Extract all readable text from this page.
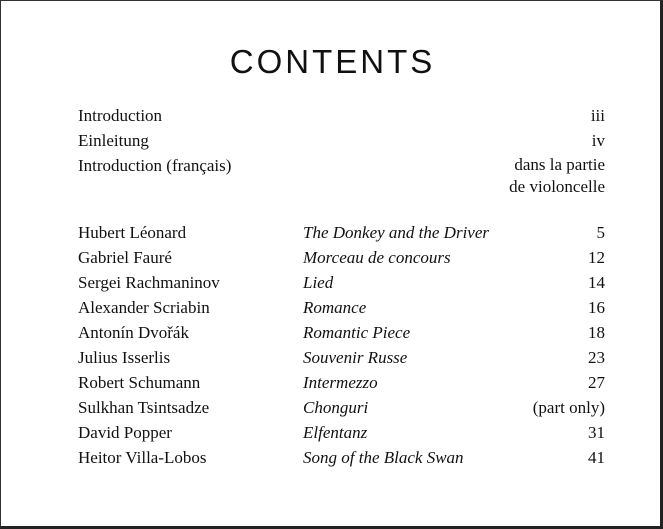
CONTENTS
Introduction	iii
Einleitung	iv
Introduction (français)	dans la partie
de violoncelle
Hubert Léonard	The Donkey and the Driver	5
Gabriel Fauré	Morceau de concours	12
Sergei Rachmaninov	Lied	14
Alexander Scriabin	Romance	16
Antonín Dvořák	Romantic Piece	18
Julius Isserlis	Souvenir Russe	23
Robert Schumann	Intermezzo	27
Sulkhan Tsintsadze	Chonguri	(part only)
David Popper	Elfentanz	31
Heitor Villa-Lobos	Song of the Black Swan	41
